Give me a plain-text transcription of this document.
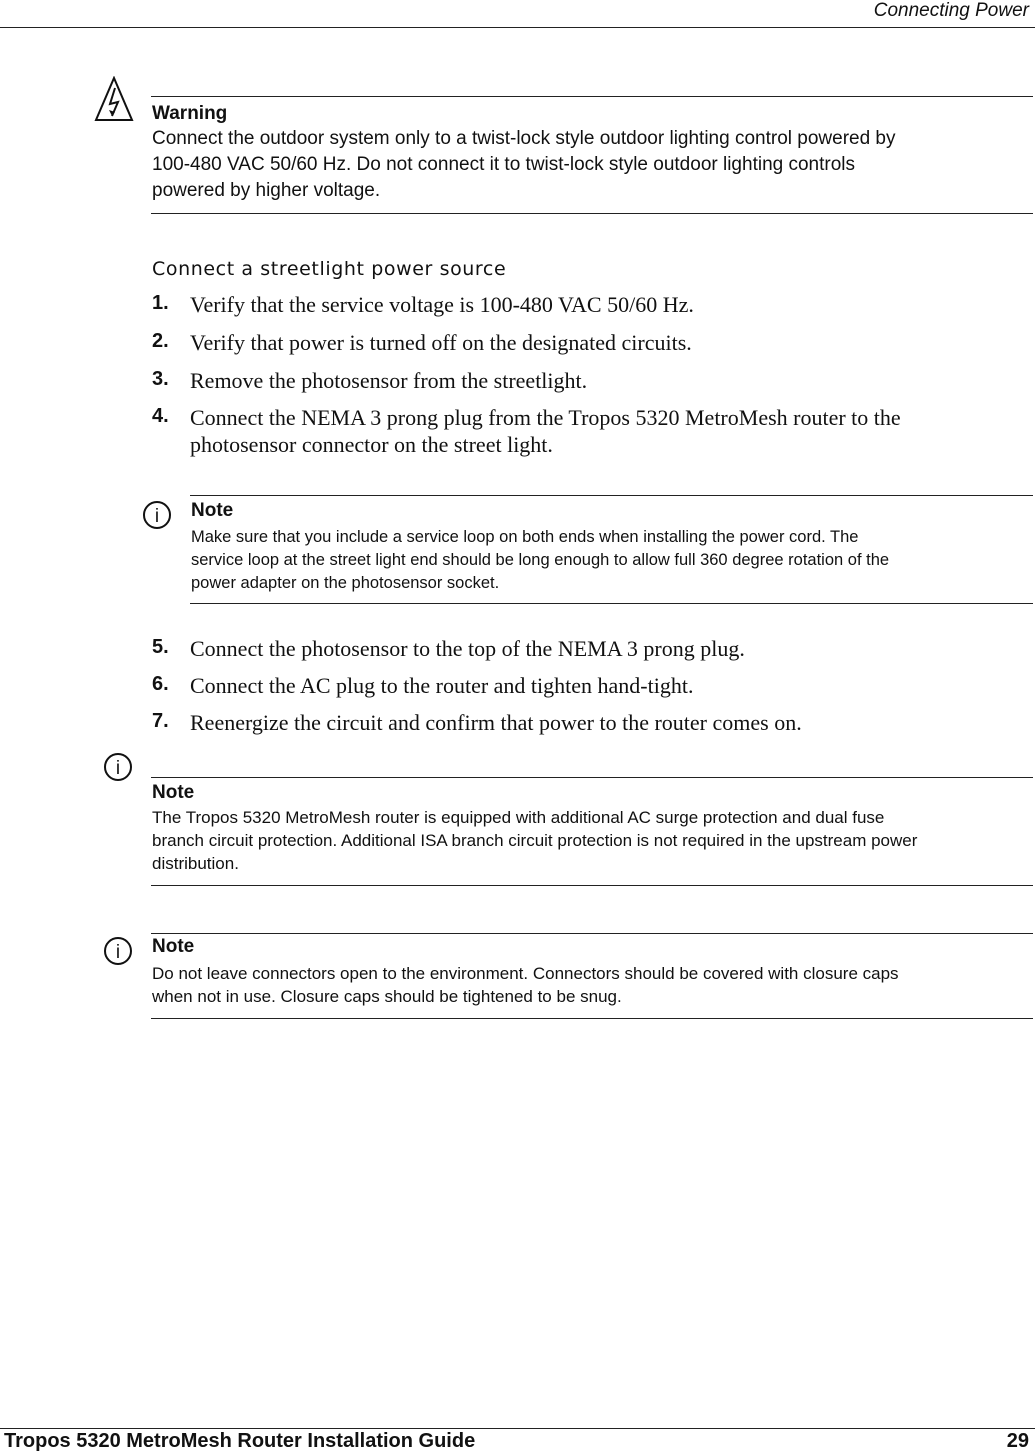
Connecting Power
Warning
Connect the outdoor system only to a twist-lock style outdoor lighting control powered by
100-480 VAC 50/60 Hz. Do not connect it to twist-lock style outdoor lighting controls
powered by higher voltage.
Connect a streetlight power source
1. Verify that the service voltage is 100-480 VAC 50/60 Hz.
2. Verify that power is turned off on the designated circuits.
3. Remove the photosensor from the streetlight.
4. Connect the NEMA 3 prong plug from the Tropos 5320 MetroMesh router to the
photosensor connector on the street light.
i Note
Make sure that you include a service loop on both ends when installing the power cord. The
service loop at the street light end should be long enough to allow full 360 degree rotation of the
power adapter on the photosensor socket.
5. Connect the photosensor to the top of the NEMA 3 prong plug.
6. Connect the AC plug to the router and tighten hand-tight.
7. Reenergize the circuit and confirm that power to the router comes on.
i
Note
The Tropos 5320 MetroMesh router is equipped with additional AC surge protection and dual fuse
branch circuit protection. Additional ISA branch circuit protection is not required in the upstream power
distribution.
i Note
Do not leave connectors open to the environment. Connectors should be covered with closure caps
when not in use. Closure caps should be tightened to be snug.
Tropos 5320 MetroMesh Router Installation Guide	29
